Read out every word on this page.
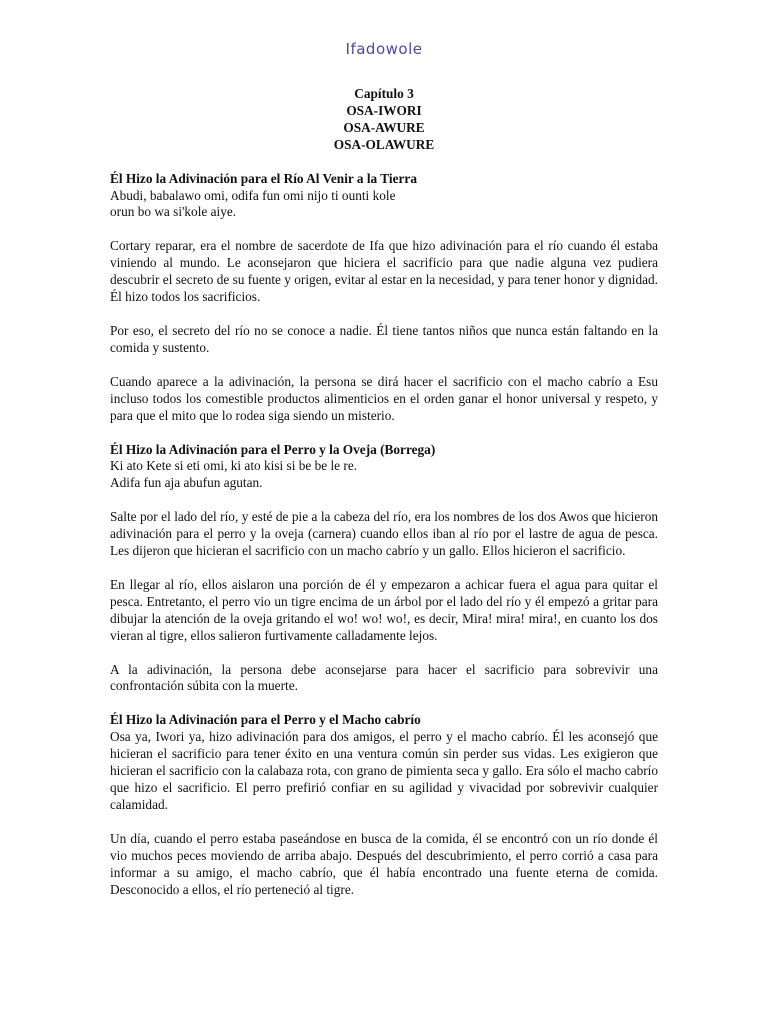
Ifadowole
Capítulo 3
OSA-IWORI
OSA-AWURE
OSA-OLAWURE
Él Hizo la Adivinación para el Río Al Venir a la Tierra
Abudi, babalawo omi, odifa fun omi nijo ti ounti kole
orun bo wa si'kole aiye.

Cortary reparar, era el nombre de sacerdote de Ifa que hizo adivinación para el río cuando él estaba viniendo al mundo. Le aconsejaron que hiciera el sacrificio para que nadie alguna vez pudiera descubrir el secreto de su fuente y origen, evitar al estar en la necesidad, y para tener honor y dignidad. Él hizo todos los sacrificios.

Por eso, el secreto del río no se conoce a nadie. Él tiene tantos niños que nunca están faltando en la comida y sustento.

Cuando aparece a la adivinación, la persona se dirá hacer el sacrificio con el macho cabrío a Esu incluso todos los comestible productos alimenticios en el orden ganar el honor universal y respeto, y para que el mito que lo rodea siga siendo un misterio.

Él Hizo la Adivinación para el Perro y la Oveja (Borrega)
Ki ato Kete si eti omi, ki ato kisi si be be le re.
Adifa fun aja abufun agutan.

Salte por el lado del río, y esté de pie a la cabeza del río, era los nombres de los dos Awos que hicieron adivinación para el perro y la oveja (carnera) cuando ellos iban al río por el lastre de agua de pesca. Les dijeron que hicieran el sacrificio con un macho cabrío y un gallo. Ellos hicieron el sacrificio.

En llegar al río, ellos aislaron una porción de él y empezaron a achicar fuera el agua para quitar el pesca. Entretanto, el perro vio un tigre encima de un árbol por el lado del río y él empezó a gritar para dibujar la atención de la oveja gritando el wo! wo! wo!, es decir, Mira! mira! mira!, en cuanto los dos vieran al tigre, ellos salieron furtivamente calladamente lejos.

A la adivinación, la persona debe aconsejarse para hacer el sacrificio para sobrevivir una confrontación súbita con la muerte.

Él Hizo la Adivinación para el Perro y el Macho cabrío

Osa ya, Iwori ya, hizo adivinación para dos amigos, el perro y el macho cabrío. Él les aconsejó que hicieran el sacrificio para tener éxito en una ventura común sin perder sus vidas. Les exigieron que hicieran el sacrificio con la calabaza rota, con grano de pimienta seca y gallo. Era sólo el macho cabrío que hizo el sacrificio. El perro prefirió confiar en su agilidad y vivacidad por sobrevivir cualquier calamidad.

Un día, cuando el perro estaba paseándose en busca de la comida, él se encontró con un río donde él vio muchos peces moviendo de arriba abajo. Después del descubrimiento, el perro corrió a casa para informar a su amigo, el macho cabrío, que él había encontrado una fuente eterna de comida. Desconocido a ellos, el río perteneció al tigre.
